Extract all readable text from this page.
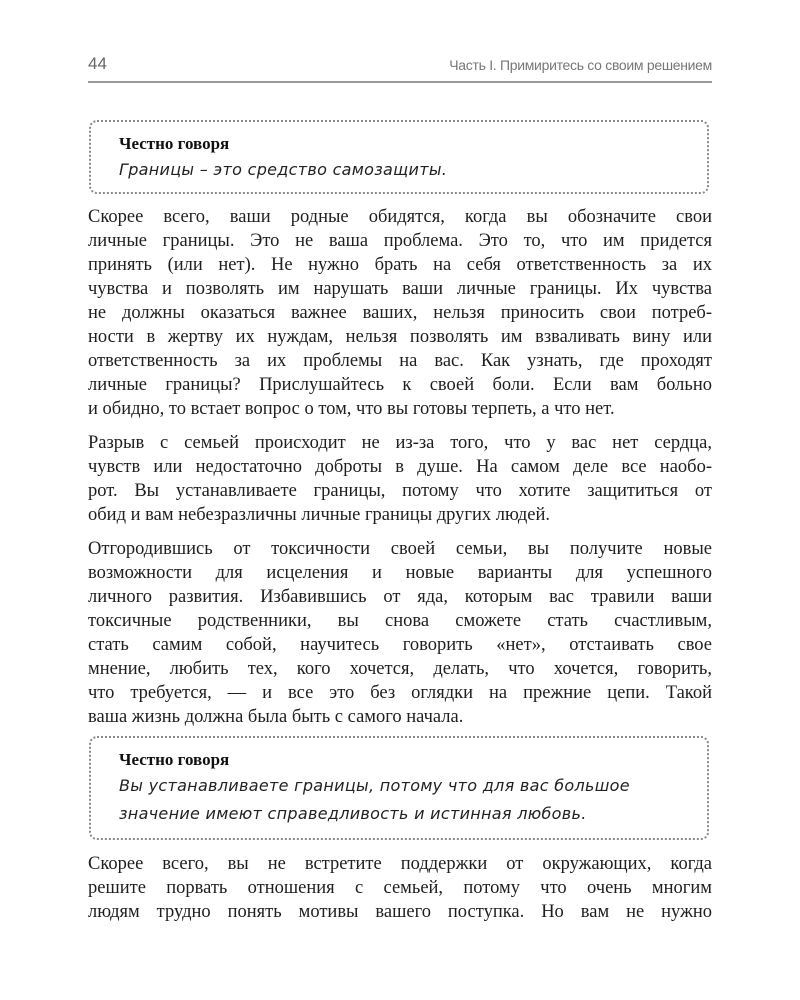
44	Часть I. Примиритесь со своим решением
Честно говоря
Границы – это средство самозащиты.
Скорее всего, ваши родные обидятся, когда вы обозначите свои
личные границы. Это не ваша проблема. Это то, что им придется
принять (или нет). Не нужно брать на себя ответственность за их
чувства и позволять им нарушать ваши личные границы. Их чувства
не должны оказаться важнее ваших, нельзя приносить свои потреб-
ности в жертву их нуждам, нельзя позволять им взваливать вину или
ответственность за их проблемы на вас. Как узнать, где проходят
личные границы? Прислушайтесь к своей боли. Если вам больно
и обидно, то встает вопрос о том, что вы готовы терпеть, а что нет.
Разрыв с семьей происходит не из-за того, что у вас нет сердца,
чувств или недостаточно доброты в душе. На самом деле все наобо-
рот. Вы устанавливаете границы, потому что хотите защититься от
обид и вам небезразличны личные границы других людей.
Отгородившись от токсичности своей семьи, вы получите новые
возможности для исцеления и новые варианты для успешного
личного развития. Избавившись от яда, которым вас травили ваши
токсичные родственники, вы снова сможете стать счастливым,
стать самим собой, научитесь говорить «нет», отстаивать свое
мнение, любить тех, кого хочется, делать, что хочется, говорить,
что требуется, — и все это без оглядки на прежние цепи. Такой
ваша жизнь должна была быть с самого начала.
Честно говоря
Вы устанавливаете границы, потому что для вас большое
значение имеют справедливость и истинная любовь.
Скорее всего, вы не встретите поддержки от окружающих, когда
решите порвать отношения с семьей, потому что очень многим
людям трудно понять мотивы вашего поступка. Но вам не нужно
